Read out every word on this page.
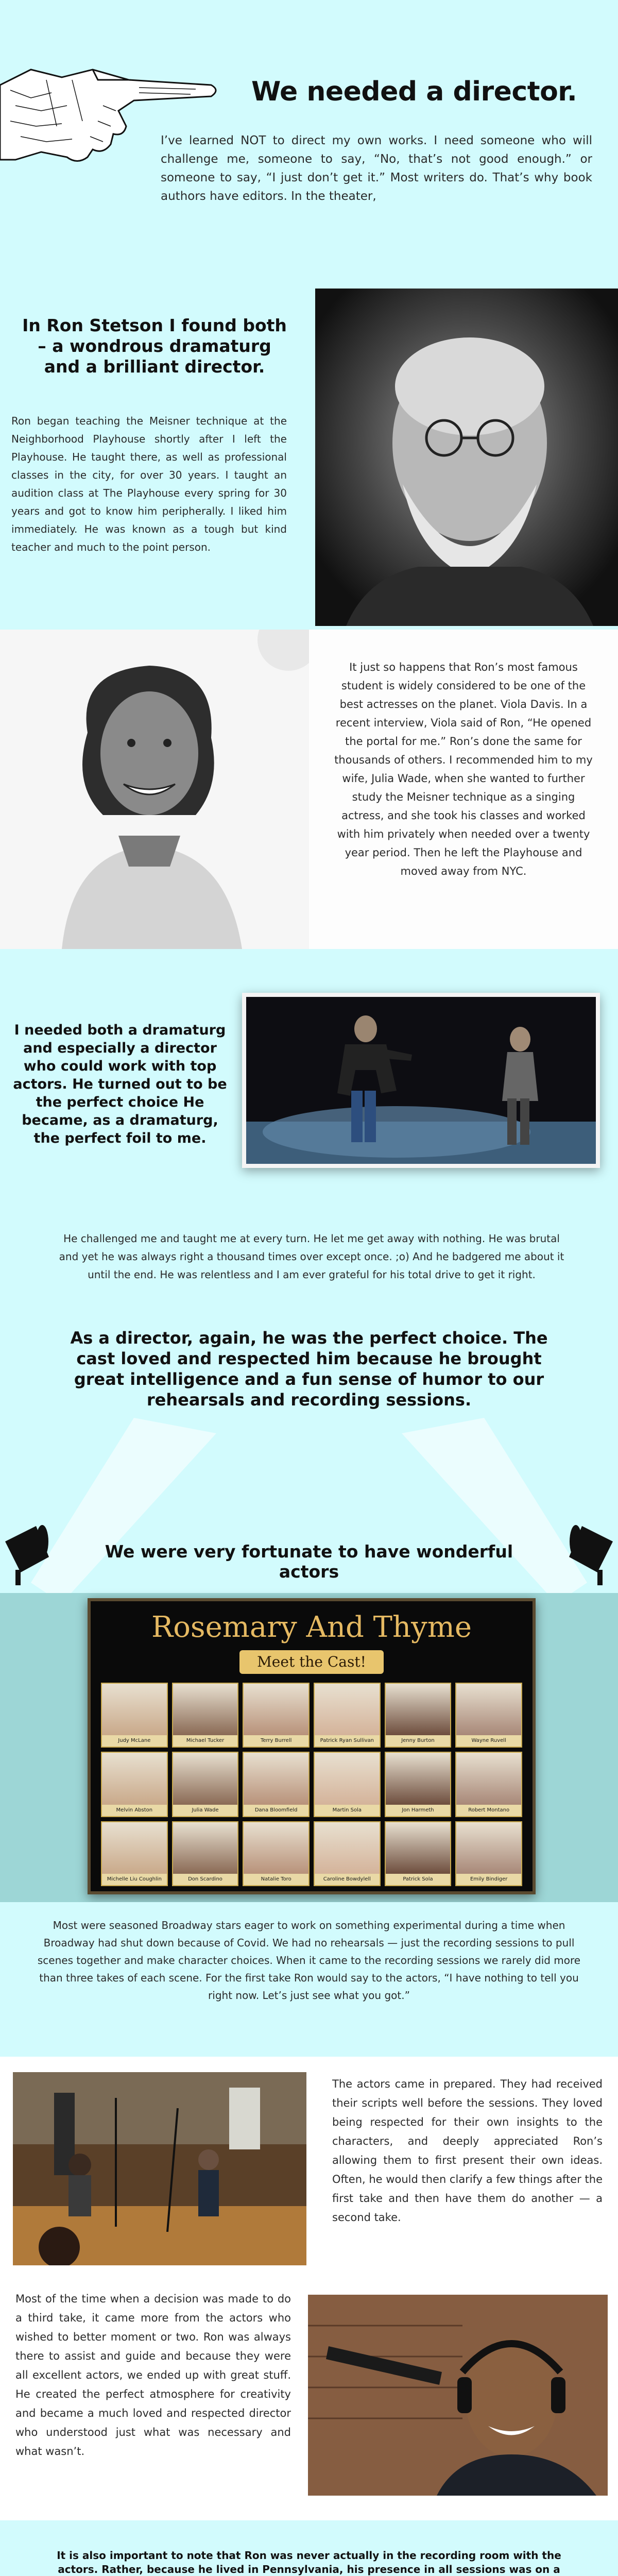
We needed a director.

I’ve learned NOT to direct my own works. I need someone who will challenge me, someone to say, “No, that’s not good enough.” or someone to say, “I just don’t get it.” Most writers do. That’s why book authors have editors. In the theater,

In Ron Stetson I found both – a wondrous dramaturg and a brilliant director.

Ron began teaching the Meisner technique at the Neighborhood Playhouse shortly after I left the Playhouse. He taught there, as well as professional classes in the city, for over 30 years. I taught an audition class at The Playhouse every spring for 30 years and got to know him peripherally. I liked him immediately. He was known as a tough but kind teacher and much to the point person.

It just so happens that Ron’s most famous student is widely considered to be one of the best actresses on the planet. Viola Davis. In a recent interview, Viola said of Ron, “He opened the portal for me.” Ron’s done the same for thousands of others. I recommended him to my wife, Julia Wade, when she wanted to further study the Meisner technique as a singing actress, and she took his classes and worked with him privately when needed over a twenty year period. Then he left the Playhouse and moved away from NYC.

I needed both a dramaturg and especially a director who could work with top actors. He turned out to be the perfect choice He became, as a dramaturg, the perfect foil to me.

He challenged me and taught me at every turn. He let me get away with nothing. He was brutal and yet he was always right a thousand times over except once. ;o) And he badgered me about it until the end. He was relentless and I am ever grateful for his total drive to get it right.

As a director, again, he was the perfect choice. The cast loved and respected him because he brought great intelligence and a fun sense of humor to our rehearsals and recording sessions.
We were very fortunate to have wonderful actors
Rosemary And Thyme
Meet the Cast!
Judy McLane	Michael Tucker	Terry Burrell	Patrick Ryan Sullivan	Jenny Burton	Wayne Ruvell
Melvin Abston	Julia Wade	Dana Bloomfield	Martin Sola	Jon Harmeth	Robert Montano
Michelle Liu Coughlin	Don Scardino	Natalie Toro	Caroline Bowdylell	Patrick Sola	Emily Bindiger

Most were seasoned Broadway stars eager to work on something experimental during a time when Broadway had shut down because of Covid. We had no rehearsals — just the recording sessions to pull scenes together and make character choices. When it came to the recording sessions we rarely did more than three takes of each scene. For the first take Ron would say to the actors, “I have nothing to tell you right now. Let’s just see what you got.”

The actors came in prepared. They had received their scripts well before the sessions. They loved being respected for their own insights to the characters, and deeply appreciated Ron’s allowing them to first present their own ideas. Often, he would then clarify a few things after the first take and then have them do another — a second take.

Most of the time when a decision was made to do a third take, it came more from the actors who wished to better moment or two. Ron was always there to assist and guide and because they were all excellent actors, we ended up with great stuff. He created the perfect atmosphere for creativity and became a much loved and respected director who understood just what was necessary and what wasn’t.

It is also important to note that Ron was never actually in the recording room with the actors. Rather, because he lived in Pennsylvania, his presence in all sessions was on a
